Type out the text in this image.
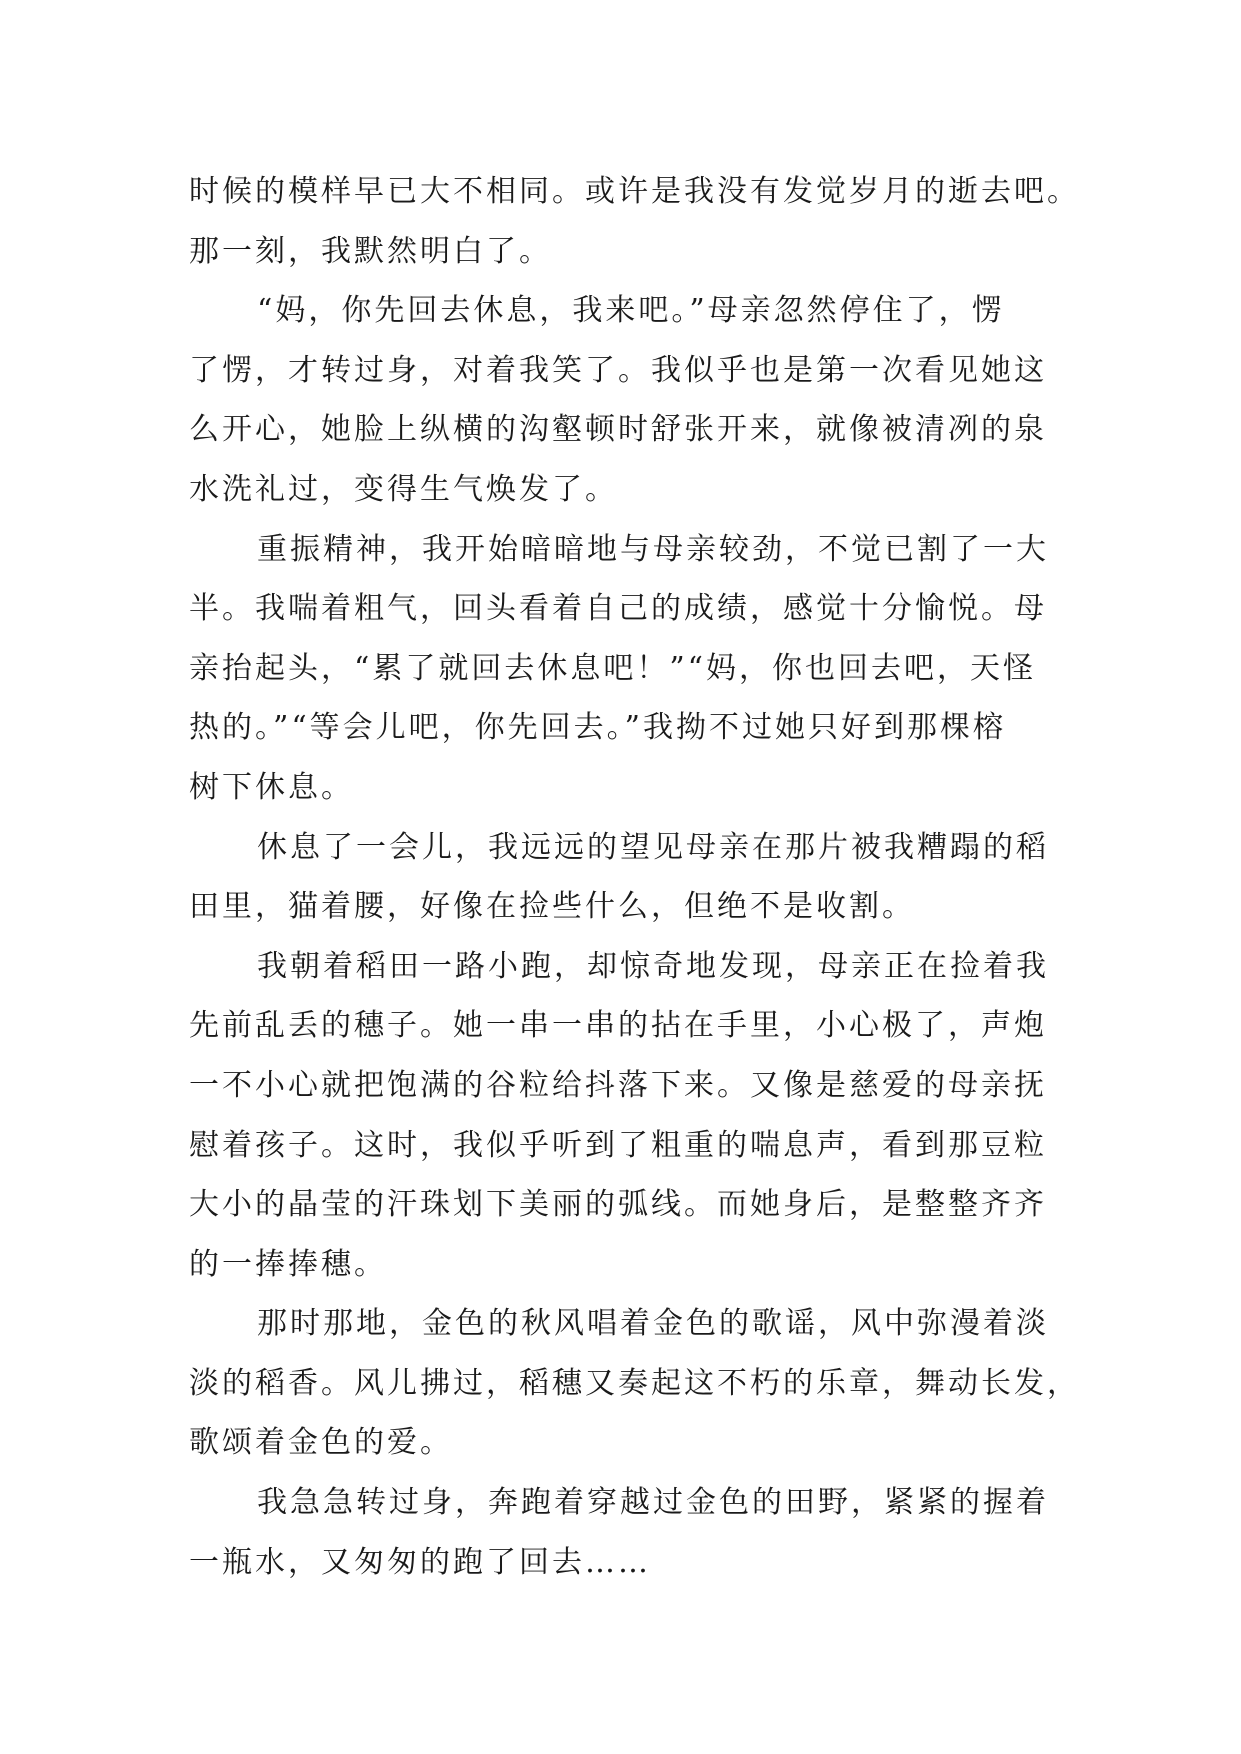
时候的模样早已大不相同。或许是我没有发觉岁月的逝去吧。
那一刻，我默然明白了。
“妈，你先回去休息，我来吧。”母亲忽然停住了，愣
了愣，才转过身，对着我笑了。我似乎也是第一次看见她这
么开心，她脸上纵横的沟壑顿时舒张开来，就像被清冽的泉
水洗礼过，变得生气焕发了。
重振精神，我开始暗暗地与母亲较劲，不觉已割了一大
半。我喘着粗气，回头看着自己的成绩，感觉十分愉悦。母
亲抬起头，“累了就回去休息吧！”“妈，你也回去吧，天怪
热的。”“等会儿吧，你先回去。”我拗不过她只好到那棵榕
树下休息。
休息了一会儿，我远远的望见母亲在那片被我糟蹋的稻
田里，猫着腰，好像在捡些什么，但绝不是收割。
我朝着稻田一路小跑，却惊奇地发现，母亲正在捡着我
先前乱丢的穗子。她一串一串的拈在手里，小心极了，声炮
一不小心就把饱满的谷粒给抖落下来。又像是慈爱的母亲抚
慰着孩子。这时，我似乎听到了粗重的喘息声，看到那豆粒
大小的晶莹的汗珠划下美丽的弧线。而她身后，是整整齐齐
的一捧捧穗。
那时那地，金色的秋风唱着金色的歌谣，风中弥漫着淡
淡的稻香。风儿拂过，稻穗又奏起这不朽的乐章，舞动长发，
歌颂着金色的爱。
我急急转过身，奔跑着穿越过金色的田野，紧紧的握着
一瓶水，又匆匆的跑了回去……
